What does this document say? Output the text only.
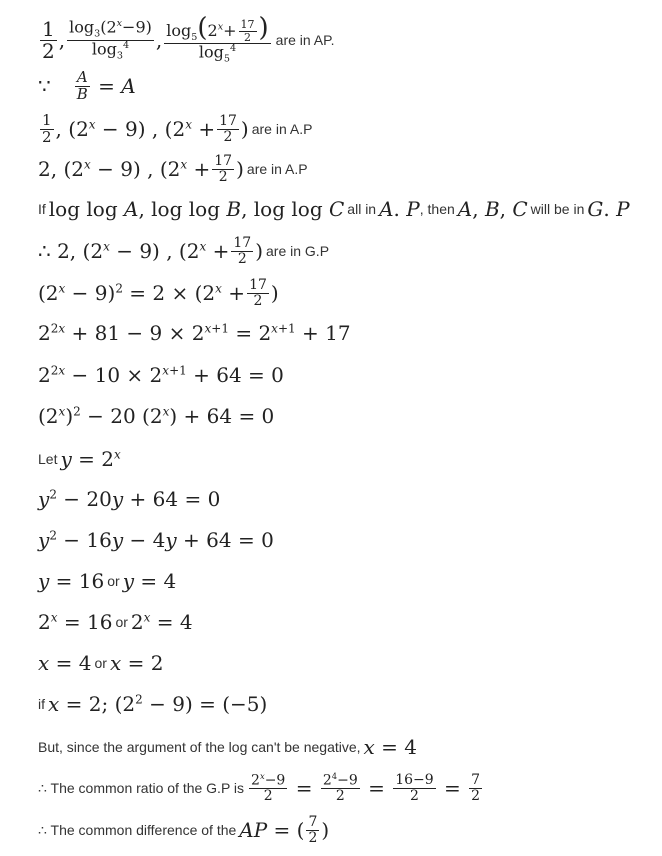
$\frac{1}{2}$ , $\frac{\log_3(2^x-9)}{\log_3^4}$ , $\frac{\log_5(2^x+ \frac{17}{2} )}{\log_5^4}$ are in AP.
∵ $\frac{A}{B} = A$
$\frac{1}{2}$ , $(2^x - 9)$ , ($2^x + \frac{17}{2}$ ) are in A.P
2, $(2^x - 9)$ , ($2^x + \frac{17}{2}$ ) are in A.P
If log log A, log log B, log log C all in A. P , then A, B, C will be in G. P
∴ 2, $(2^x - 9)$ , ($2^x + \frac{17}{2}$ ) are in G.P
$(2^x - 9)^2 = 2 \times (2^x + \frac{17}{2}$ )
$2^{2x} + 81 - 9 \times 2^{x+1} = 2^{x+1} + 17$
$2^{2x} - 10 \times 2^{x+1} + 64 = 0$
$(2^x)^2 - 20$ $(2^x) + 64 = 0$
Let $y = 2^x$
$y^2 - 20y + 64 = 0$
$y^2 - 16y - 4y + 64 = 0$
y = 16 or y = 4
$2^x = 16$ or $2^x = 4$
x = 4 or x = 2
if x = 2; $(2^2 - 9) = (-5)$
But, since the argument of the log can't be negative, x = 4
∴ The common ratio of the G.P is $\frac{2^x-9}{2} = \frac{2^4-9}{2} = \frac{16-9}{2} = \frac{7}{2}$
∴ The common difference of the AP = ( $\frac{7}{2}$ )
